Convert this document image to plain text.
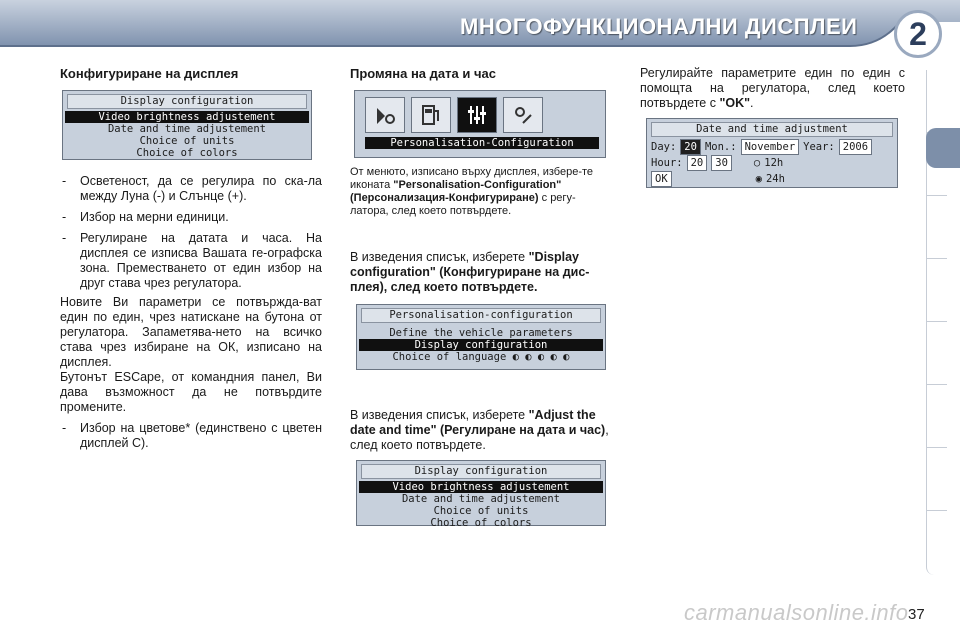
МНОГОФУНКЦИОНАЛНИ ДИСПЛЕИ	2
Конфигуриране на дисплея
Display configuration
Video brightness adjustement
Date and time adjustement
Choice of units
Choice of colors
-	Осветеност, да се регулира по ска-ла между Луна (-) и Слънце (+).
-	Избор на мерни единици.
-	Регулиране на датата и часа. На дисплея се изписва Вашата ге-ографска зона. Преместването от един избор на друг става чрез регулатора.
Новите Ви параметри се потвържда-ват един по един, чрез натискане на бутона от регулатора. Запаметява-нето на всичко става чрез избиране на ОК, изписано на дисплея.
Бутонът ESCape, от командния панел, Ви дава възможност да не потвърдите промените.
-	Избор на цветове* (единствено с цветен дисплей С).
Промяна на дата и час
Personalisation-Configuration
От менюто, изписано върху дисплея, избере-те иконата "Personalisation-Configuration" (Персонализация-Конфигуриране) с регу-латора, след което потвърдете.
В изведения списък, изберете "Display configuration" (Конфигуриране на дис-плея), след което потвърдете.
Personalisation-configuration
Define the vehicle parameters
Display configuration
Choice of language ◐ ◐ ◐ ◐ ◐
В изведения списък, изберете "Adjust the date and time" (Регулиране на дата и час), след което потвърдете.
Display configuration
Video brightness adjustement
Date and time adjustement
Choice of units
Choice of colors
Регулирайте параметрите един по един с помощта на регулатора, след което потвърдете с "OK".
Date and time adjustment
Day: 20 Mon.: November Year: 2006
Hour: 20	30	○ 12h
OK	◉ 24h
carmanualsonline.info 37
